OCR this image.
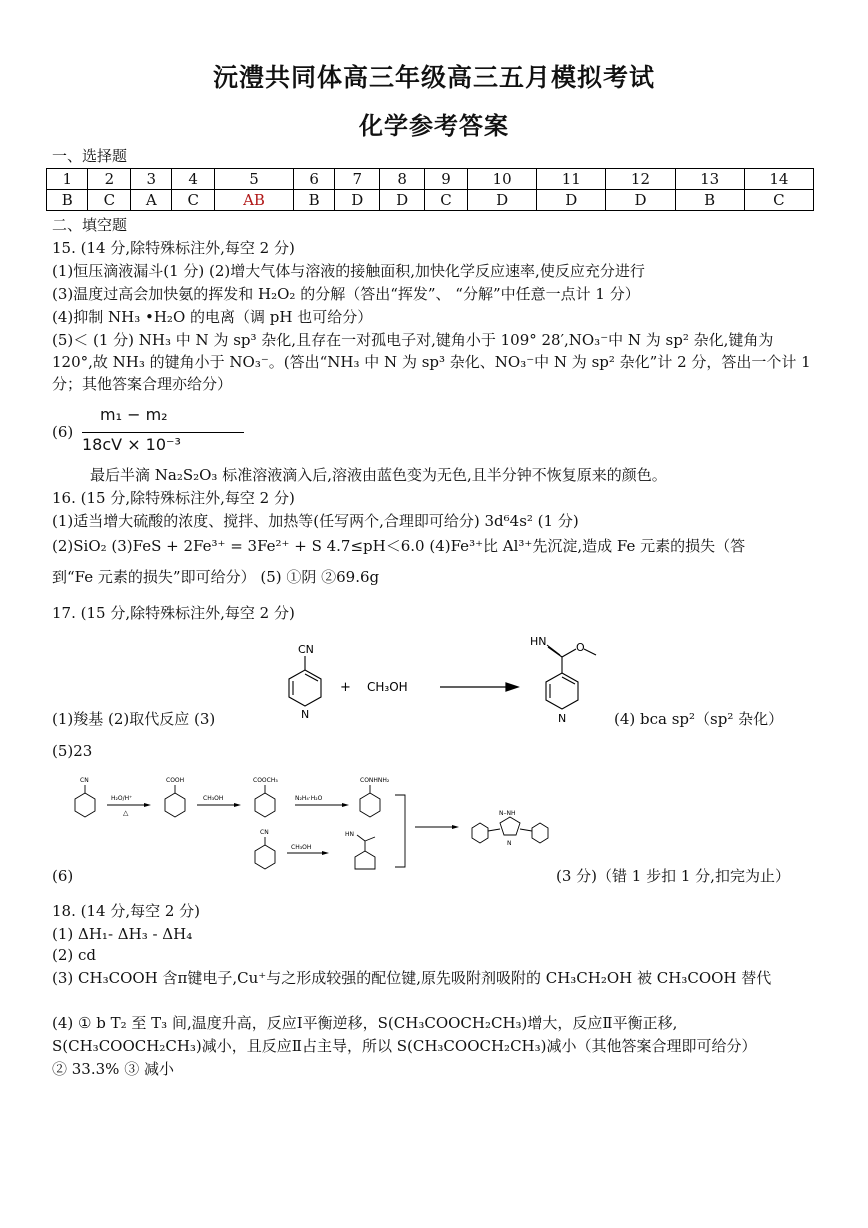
沅澧共同体高三年级高三五月模拟考试
化学参考答案
一、选择题
1	2	3	4	5	6	7	8	9	10	11	12	13	14
B	C	A	C	AB	B	D	D	C	D	D	D	B	C
二、填空题
15. (14 分,除特殊标注外,每空 2 分)
(1)恒压滴液漏斗(1 分) (2)增大气体与溶液的接触面积,加快化学反应速率,使反应充分进行
(3)温度过高会加快氨的挥发和 H₂O₂ 的分解（答出“挥发”、 “分解”中任意一点计 1 分）
(4)抑制 NH₃ •H₂O 的电离（调 pH 也可给分）
(5)＜ (1 分) NH₃ 中 N 为 sp³ 杂化,且存在一对孤电子对,键角小于 109° 28′,NO₃⁻中 N 为 sp² 杂化,键角为 120°,故 NH₃ 的键角小于 NO₃⁻。(答出“NH₃ 中 N 为 sp³ 杂化、NO₃⁻中 N 为 sp² 杂化”计 2 分，答出一个计 1 分；其他答案合理亦给分）
(6)
m₁ − m₂
18cV × 10⁻³
最后半滴 Na₂S₂O₃ 标准溶液滴入后,溶液由蓝色变为无色,且半分钟不恢复原来的颜色。
16. (15 分,除特殊标注外,每空 2 分)
(1)适当增大硫酸的浓度、搅拌、加热等(任写两个,合理即可给分) 3d⁶4s² (1 分)
(2)SiO₂ (3)FeS + 2Fe³⁺ = 3Fe²⁺ + S 4.7≤pH＜6.0 (4)Fe³⁺比 Al³⁺先沉淀,造成 Fe 元素的损失（答
到“Fe 元素的损失”即可给分） (5) ①阴 ②69.6g
17. (15 分,除特殊标注外,每空 2 分)
CN
N
+ CH₃OH
HN	O
N
(1)羧基 (2)取代反应 (3)	(4) bca sp²（sp² 杂化）
(5)23
CN	COOH	COOCH₃	CONHNH₂
H₂O/H⁺
△
CH₃OH	N₂H₄·H₂O
CN
CH₃OH
HN
N–NH
N
(6)	(3 分)（错 1 步扣 1 分,扣完为止）
18. (14 分,每空 2 分)
(1) ΔH₁- ΔH₃ - ΔH₄
(2) cd
(3) CH₃COOH 含π键电子,Cu⁺与之形成较强的配位键,原先吸附剂吸附的 CH₃CH₂OH 被 CH₃COOH 替代
(4) ① b T₂ 至 T₃ 间,温度升高，反应Ⅰ平衡逆移，S(CH₃COOCH₂CH₃)增大，反应Ⅱ平衡正移,
S(CH₃COOCH₂CH₃)减小，且反应Ⅱ占主导，所以 S(CH₃COOCH₂CH₃)减小（其他答案合理即可给分）
② 33.3% ③ 减小
